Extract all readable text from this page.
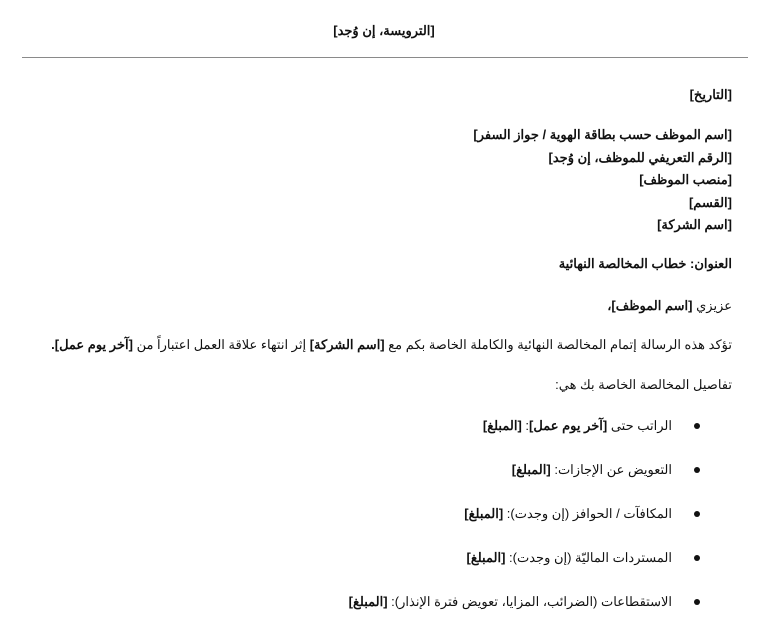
[الترويسة، إن وُجد]
[التاريخ]
[اسم الموظف حسب بطاقة الهوية / جواز السفر]
[الرقم التعريفي للموظف، إن وُجد]
[منصب الموظف]
[القسم]
[اسم الشركة]
العنوان: خطاب المخالصة النهائية
عزيزي [اسم الموظف]،
تؤكد هذه الرسالة إتمام المخالصة النهائية والكاملة الخاصة بكم مع [اسم الشركة] إثر انتهاء علاقة العمل اعتباراً من [آخر يوم عمل].
تفاصيل المخالصة الخاصة بك هي:
الراتب حتى [آخر يوم عمل]: [المبلغ]
التعويض عن الإجازات: [المبلغ]
المكافآت / الحوافز (إن وجدت): [المبلغ]
المستردات الماليّة (إن وجدت): [المبلغ]
الاستقطاعات (الضرائب، المزايا، تعويض فترة الإنذار): [المبلغ]
